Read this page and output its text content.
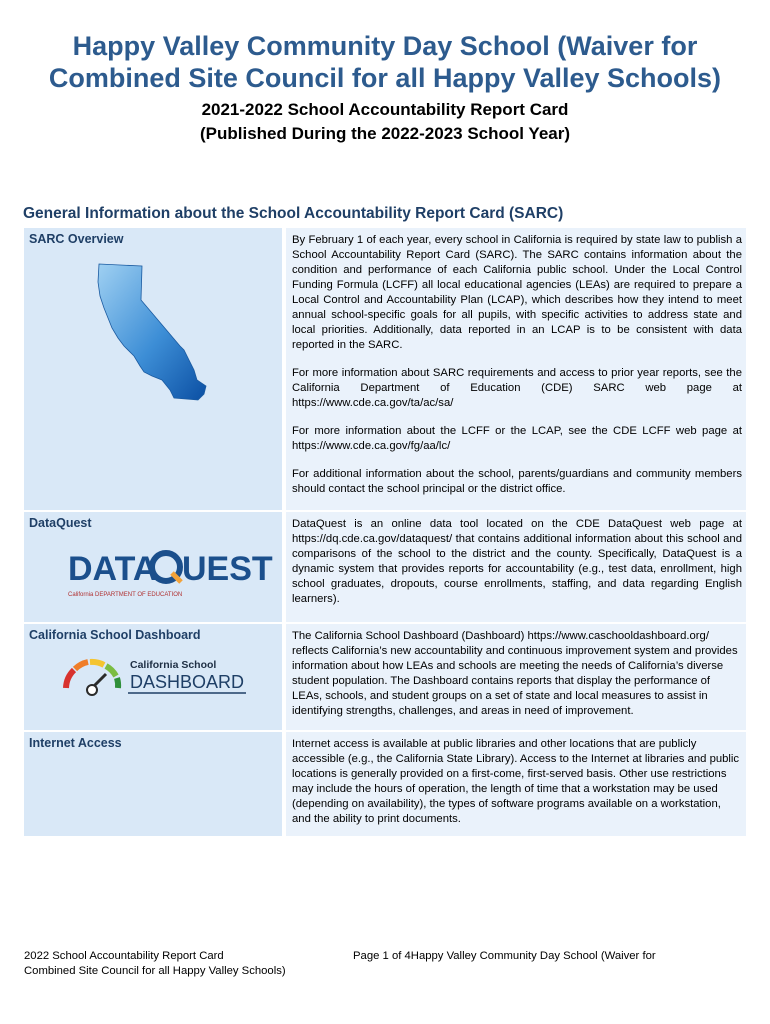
Happy Valley Community Day School (Waiver for
Combined Site Council for all Happy Valley Schools)
2021-2022 School Accountability Report Card
(Published During the 2022-2023 School Year)
General Information about the School Accountability Report Card (SARC)
SARC Overview	By February 1 of each year, every school in California is required by state law to publish a School Accountability Report Card (SARC). The SARC contains information about the condition and performance of each California public school. Under the Local Control Funding Formula (LCFF) all local educational agencies (LEAs) are required to prepare a Local Control and Accountability Plan (LCAP), which describes how they intend to meet annual school-specific goals for all pupils, with specific activities to address state and local priorities. Additionally, data reported in an LCAP is to be consistent with data reported in the SARC.

For more information about SARC requirements and access to prior year reports, see the California Department of Education (CDE) SARC web page at https://www.cde.ca.gov/ta/ac/sa/

For more information about the LCFF or the LCAP, see the CDE LCFF web page at https://www.cde.ca.gov/fg/aa/lc/

For additional information about the school, parents/guardians and community members should contact the school principal or the district office.

DataQuest
DATA UEST
California DEPARTMENT OF EDUCATION

DataQuest is an online data tool located on the CDE DataQuest web page at https://dq.cde.ca.gov/dataquest/ that contains additional information about this school and comparisons of the school to the district and the county. Specifically, DataQuest is a dynamic system that provides reports for accountability (e.g., test data, enrollment, high school graduates, dropouts, course enrollments, staffing, and data regarding English learners).

California School Dashboard
California School
DASHBOARD

The California School Dashboard (Dashboard) https://www.caschooldashboard.org/ reflects California’s new accountability and continuous improvement system and provides information about how LEAs and schools are meeting the needs of California’s diverse student population. The Dashboard contains reports that display the performance of LEAs, schools, and student groups on a set of state and local measures to assist in identifying strengths, challenges, and areas in need of improvement.

Internet Access	Internet access is available at public libraries and other locations that are publicly accessible (e.g., the California State Library). Access to the Internet at libraries and public locations is generally provided on a first-come, first-served basis. Other use restrictions may include the hours of operation, the length of time that a workstation may be used (depending on availability), the types of software programs available on a workstation, and the ability to print documents.

2022 School Accountability Report Card
Combined Site Council for all Happy Valley Schools)
Page 1 of 4Happy Valley Community Day School (Waiver for
